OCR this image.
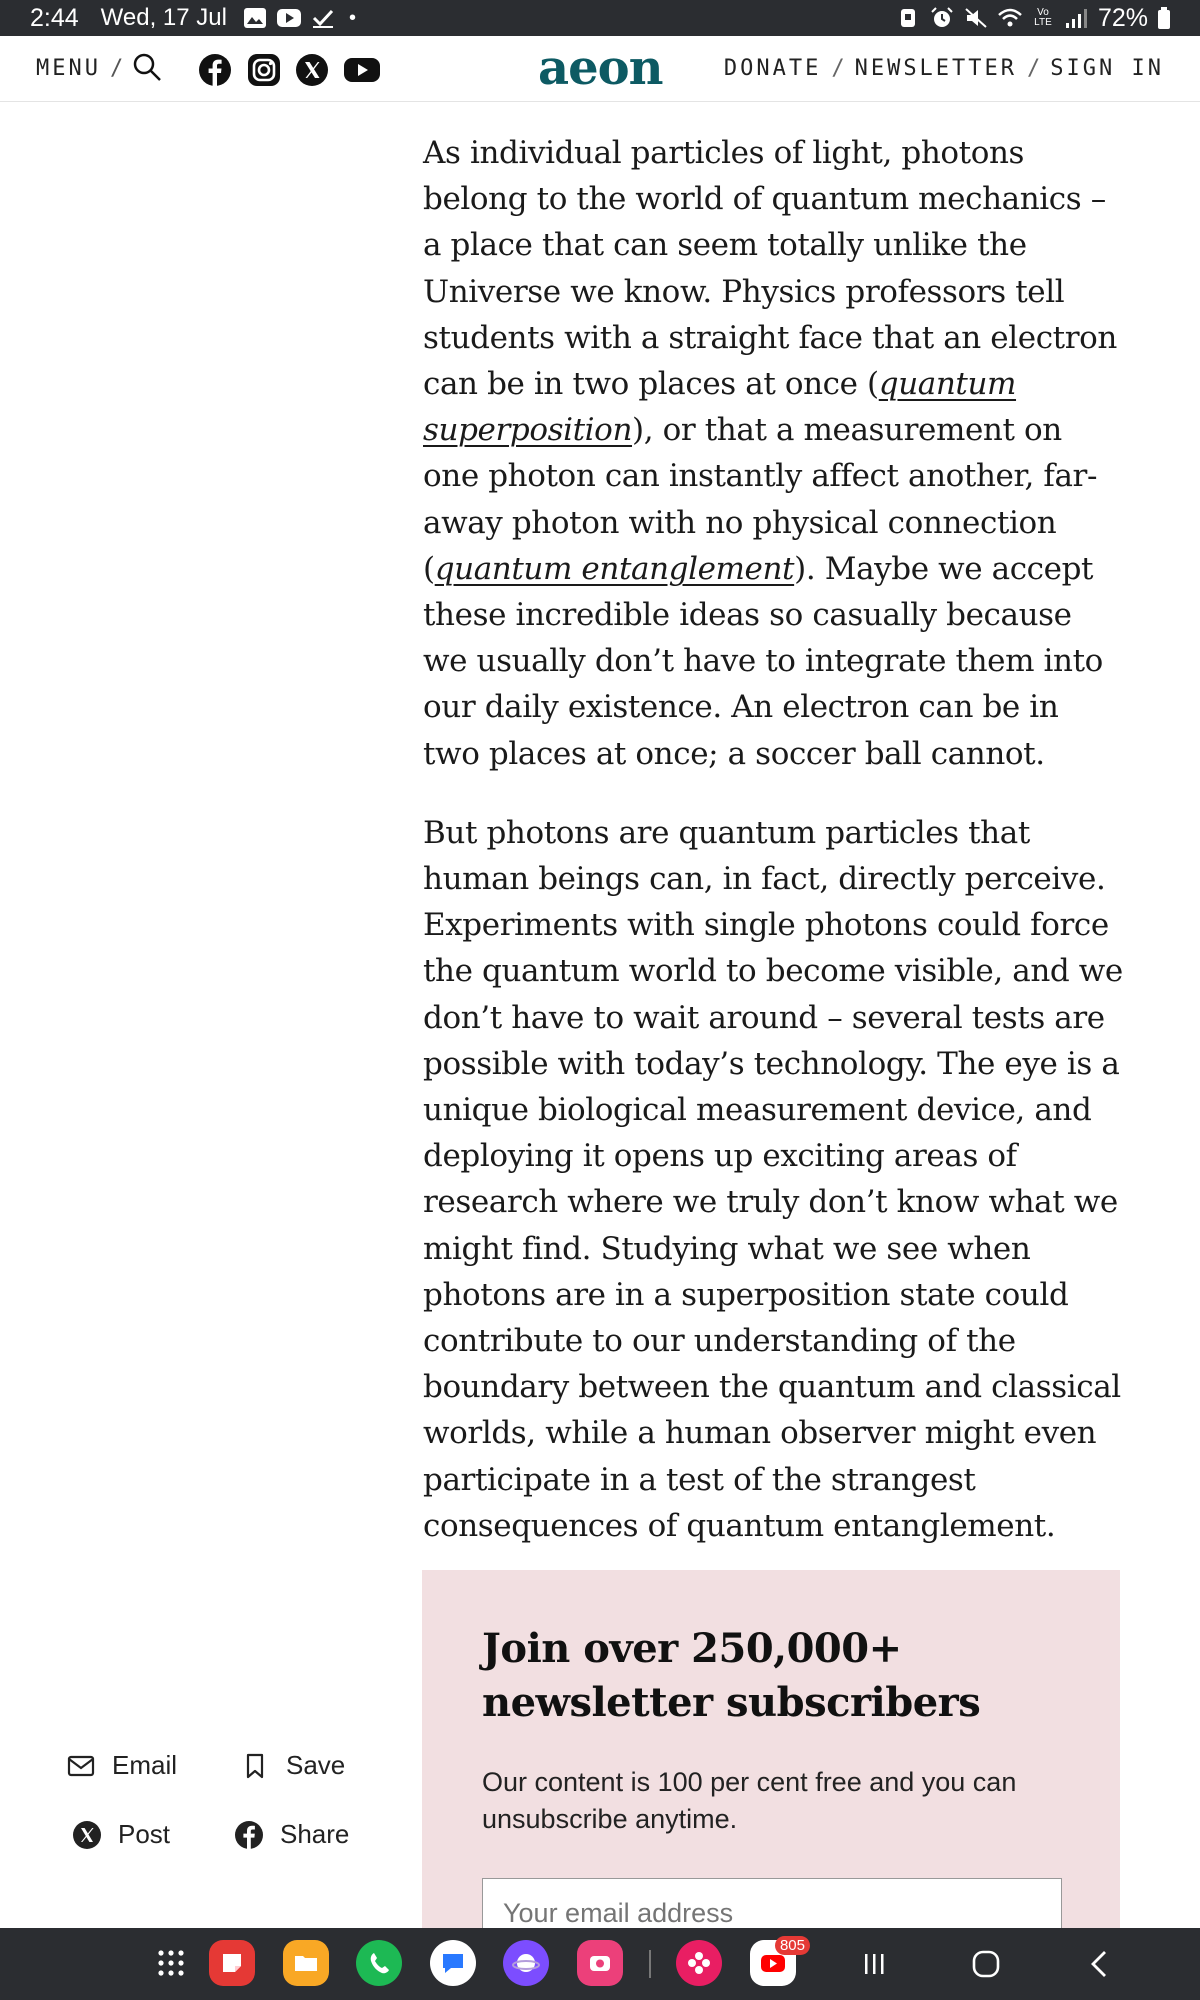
2:44 Wed, 17 Jul	•	Vo
LTE 72%
MENU /	aeon	DONATE / NEWSLETTER / SIGN IN

As individual particles of light, photons belong to the world of quantum mechanics – a place that can seem totally unlike the Universe we know. Physics professors tell students with a straight face that an electron can be in two places at once (quantum superposition), or that a measurement on one photon can instantly affect another, far-away photon with no physical connection (quantum entanglement). Maybe we accept these incredible ideas so casually because we usually don’t have to integrate them into our daily existence. An electron can be in two places at once; a soccer ball cannot.

But photons are quantum particles that human beings can, in fact, directly perceive. Experiments with single photons could force the quantum world to become visible, and we don’t have to wait around – several tests are possible with today’s technology. The eye is a unique biological measurement device, and deploying it opens up exciting areas of research where we truly don’t know what we might find. Studying what we see when photons are in a superposition state could contribute to our understanding of the boundary between the quantum and classical worlds, while a human observer might even participate in a test of the strangest consequences of quantum entanglement.

Email	Save
Post	Share
Join over 250,000+ newsletter subscribers
Our content is 100 per cent free and you can unsubscribe anytime.
Your email address
805
